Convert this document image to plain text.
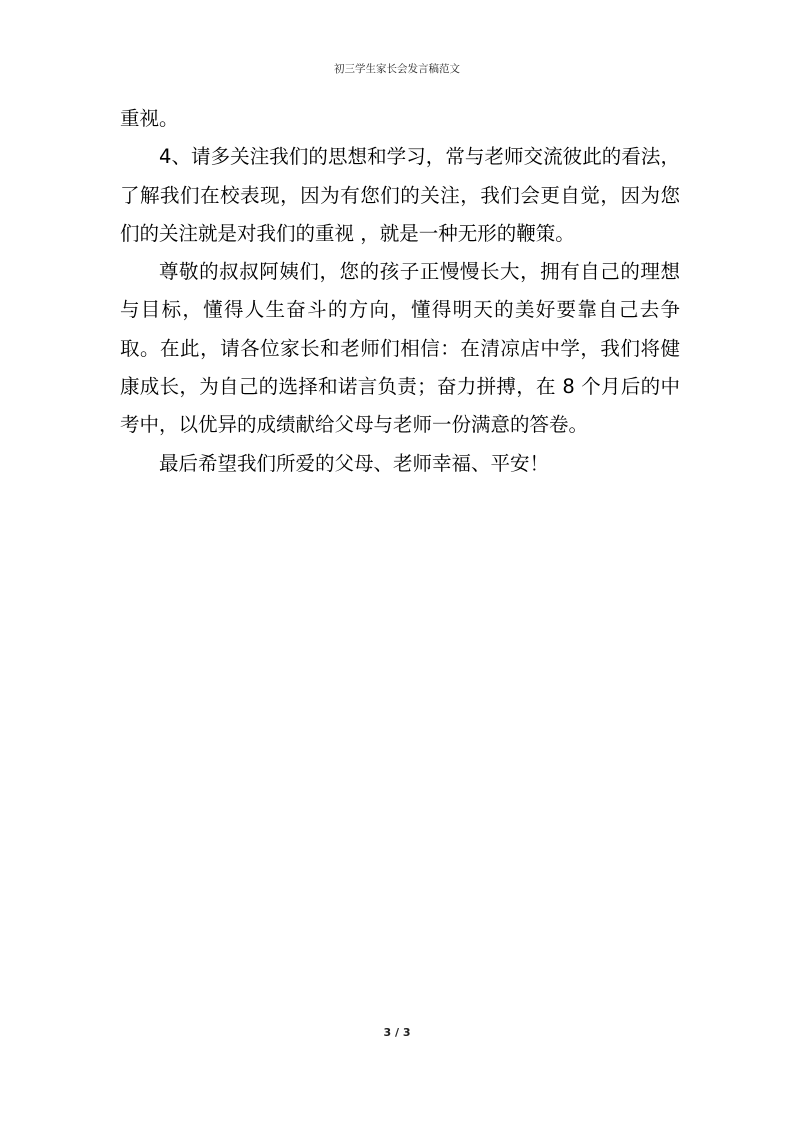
初三学生家长会发言稿范文

重视。

4、请多关注我们的思想和学习，常与老师交流彼此的看法，了解我们在校表现，因为有您们的关注，我们会更自觉，因为您们的关注就是对我们的重视 ，就是一种无形的鞭策。

尊敬的叔叔阿姨们，您的孩子正慢慢长大，拥有自己的理想与目标，懂得人生奋斗的方向，懂得明天的美好要靠自己去争取。在此，请各位家长和老师们相信：在清凉店中学，我们将健康成长，为自己的选择和诺言负责；奋力拼搏，在 8 个月后的中考中，以优异的成绩献给父母与老师一份满意的答卷。

最后希望我们所爱的父母、老师幸福、平安！

3 / 3
